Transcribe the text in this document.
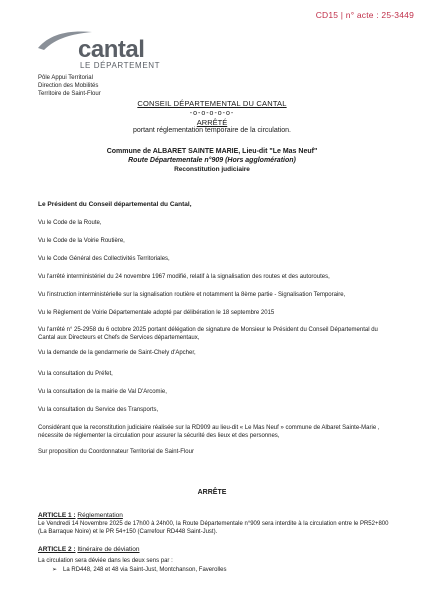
CD15 | n° acte : 25-3449
cantal
LE DÉPARTEMENT
Pôle Appui Territorial
Direction des Mobilités
Territoire de Saint-Flour
CONSEIL DÉPARTEMENTAL DU CANTAL
-o-o-o-o-o-
ARRÊTÉ
portant réglementation temporaire de la circulation.
Commune de ALBARET SAINTE MARIE, Lieu-dit "Le Mas Neuf"
Route Départementale n°909 (Hors agglomération)
Reconstitution judiciaire
Le Président du Conseil départemental du Cantal,
Vu le Code de la Route,
Vu le Code de la Voirie Routière,
Vu le Code Général des Collectivités Territoriales,
Vu l'arrêté interministériel du 24 novembre 1967 modifié, relatif à la signalisation des routes et des autoroutes,
Vu l'instruction interministérielle sur la signalisation routière et notamment la 8ème partie - Signalisation Temporaire,
Vu le Règlement de Voirie Départementale adopté par délibération le 18 septembre 2015
Vu l'arrêté n° 25-2958 du 6 octobre 2025 portant délégation de signature de Monsieur le Président du Conseil Départemental du Cantal aux Directeurs et Chefs de Services départementaux,
Vu la demande de la gendarmerie de Saint-Chely d'Apcher,
Vu la consultation du Préfet,
Vu la consultation de la mairie de Val D'Arcomie,
Vu la consultation du Service des Transports,
Considérant que la reconstitution judiciaire réalisée sur la RD909 au lieu-dit « Le Mas Neuf » commune de Albaret Sainte-Marie , nécessite de réglementer la circulation pour assurer la sécurité des lieux et des personnes,
Sur proposition du Coordonnateur Territorial de Saint-Flour
ARRÊTE
ARTICLE 1 : Réglementation
Le Vendredi 14 Novembre 2025 de 17h00 à 24h00, la Route Départementale n°909 sera interdite à la circulation entre le PR52+800 (La Barraque Noire) et le PR 54+150 (Carrefour RD448 Saint-Just).
ARTICLE 2 : Itinéraire de déviation
La circulation sera déviée dans les deux sens par :
➢ La RD448, 248 et 48 via Saint-Just, Montchanson, Faverolles
